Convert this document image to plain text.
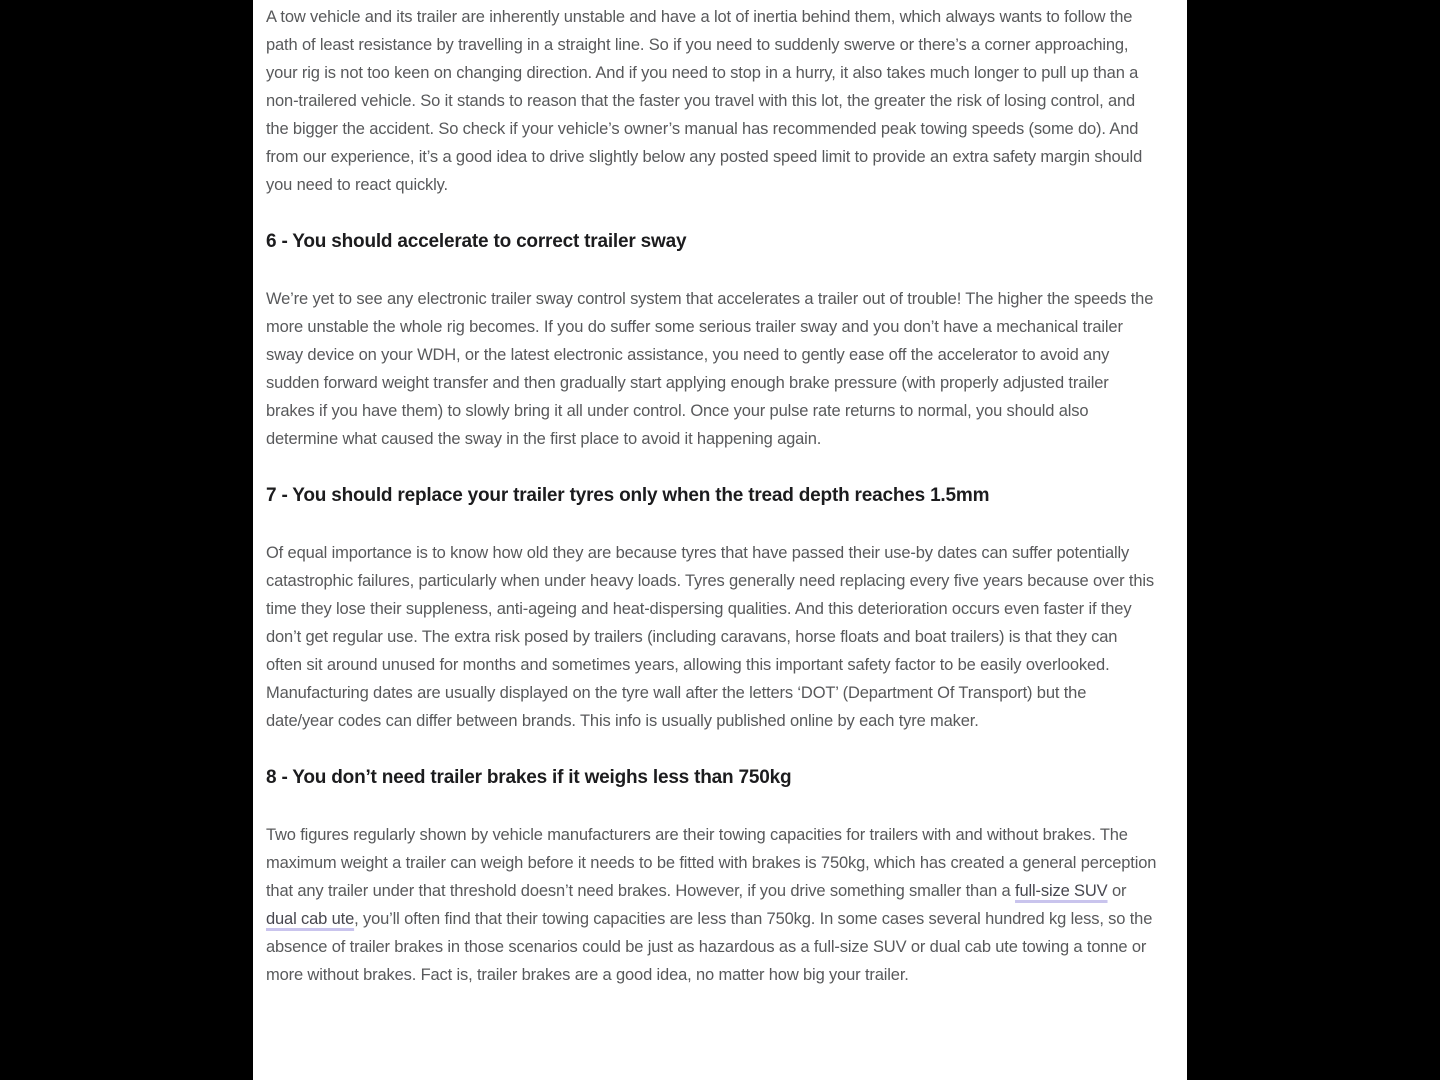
A tow vehicle and its trailer are inherently unstable and have a lot of inertia behind them, which always wants to follow the path of least resistance by travelling in a straight line. So if you need to suddenly swerve or there’s a corner approaching, your rig is not too keen on changing direction. And if you need to stop in a hurry, it also takes much longer to pull up than a non-trailered vehicle. So it stands to reason that the faster you travel with this lot, the greater the risk of losing control, and the bigger the accident. So check if your vehicle’s owner’s manual has recommended peak towing speeds (some do). And from our experience, it’s a good idea to drive slightly below any posted speed limit to provide an extra safety margin should you need to react quickly.

6 - You should accelerate to correct trailer sway

We’re yet to see any electronic trailer sway control system that accelerates a trailer out of trouble! The higher the speeds the more unstable the whole rig becomes. If you do suffer some serious trailer sway and you don’t have a mechanical trailer sway device on your WDH, or the latest electronic assistance, you need to gently ease off the accelerator to avoid any sudden forward weight transfer and then gradually start applying enough brake pressure (with properly adjusted trailer brakes if you have them) to slowly bring it all under control. Once your pulse rate returns to normal, you should also determine what caused the sway in the first place to avoid it happening again.

7 - You should replace your trailer tyres only when the tread depth reaches 1.5mm

Of equal importance is to know how old they are because tyres that have passed their use-by dates can suffer potentially catastrophic failures, particularly when under heavy loads. Tyres generally need replacing every five years because over this time they lose their suppleness, anti-ageing and heat-dispersing qualities. And this deterioration occurs even faster if they don’t get regular use. The extra risk posed by trailers (including caravans, horse floats and boat trailers) is that they can often sit around unused for months and sometimes years, allowing this important safety factor to be easily overlooked. Manufacturing dates are usually displayed on the tyre wall after the letters ‘DOT’ (Department Of Transport) but the date/year codes can differ between brands. This info is usually published online by each tyre maker.

8 - You don’t need trailer brakes if it weighs less than 750kg

Two figures regularly shown by vehicle manufacturers are their towing capacities for trailers with and without brakes. The maximum weight a trailer can weigh before it needs to be fitted with brakes is 750kg, which has created a general perception that any trailer under that threshold doesn’t need brakes. However, if you drive something smaller than a full-size SUV or dual cab ute, you’ll often find that their towing capacities are less than 750kg. In some cases several hundred kg less, so the absence of trailer brakes in those scenarios could be just as hazardous as a full-size SUV or dual cab ute towing a tonne or more without brakes. Fact is, trailer brakes are a good idea, no matter how big your trailer.
